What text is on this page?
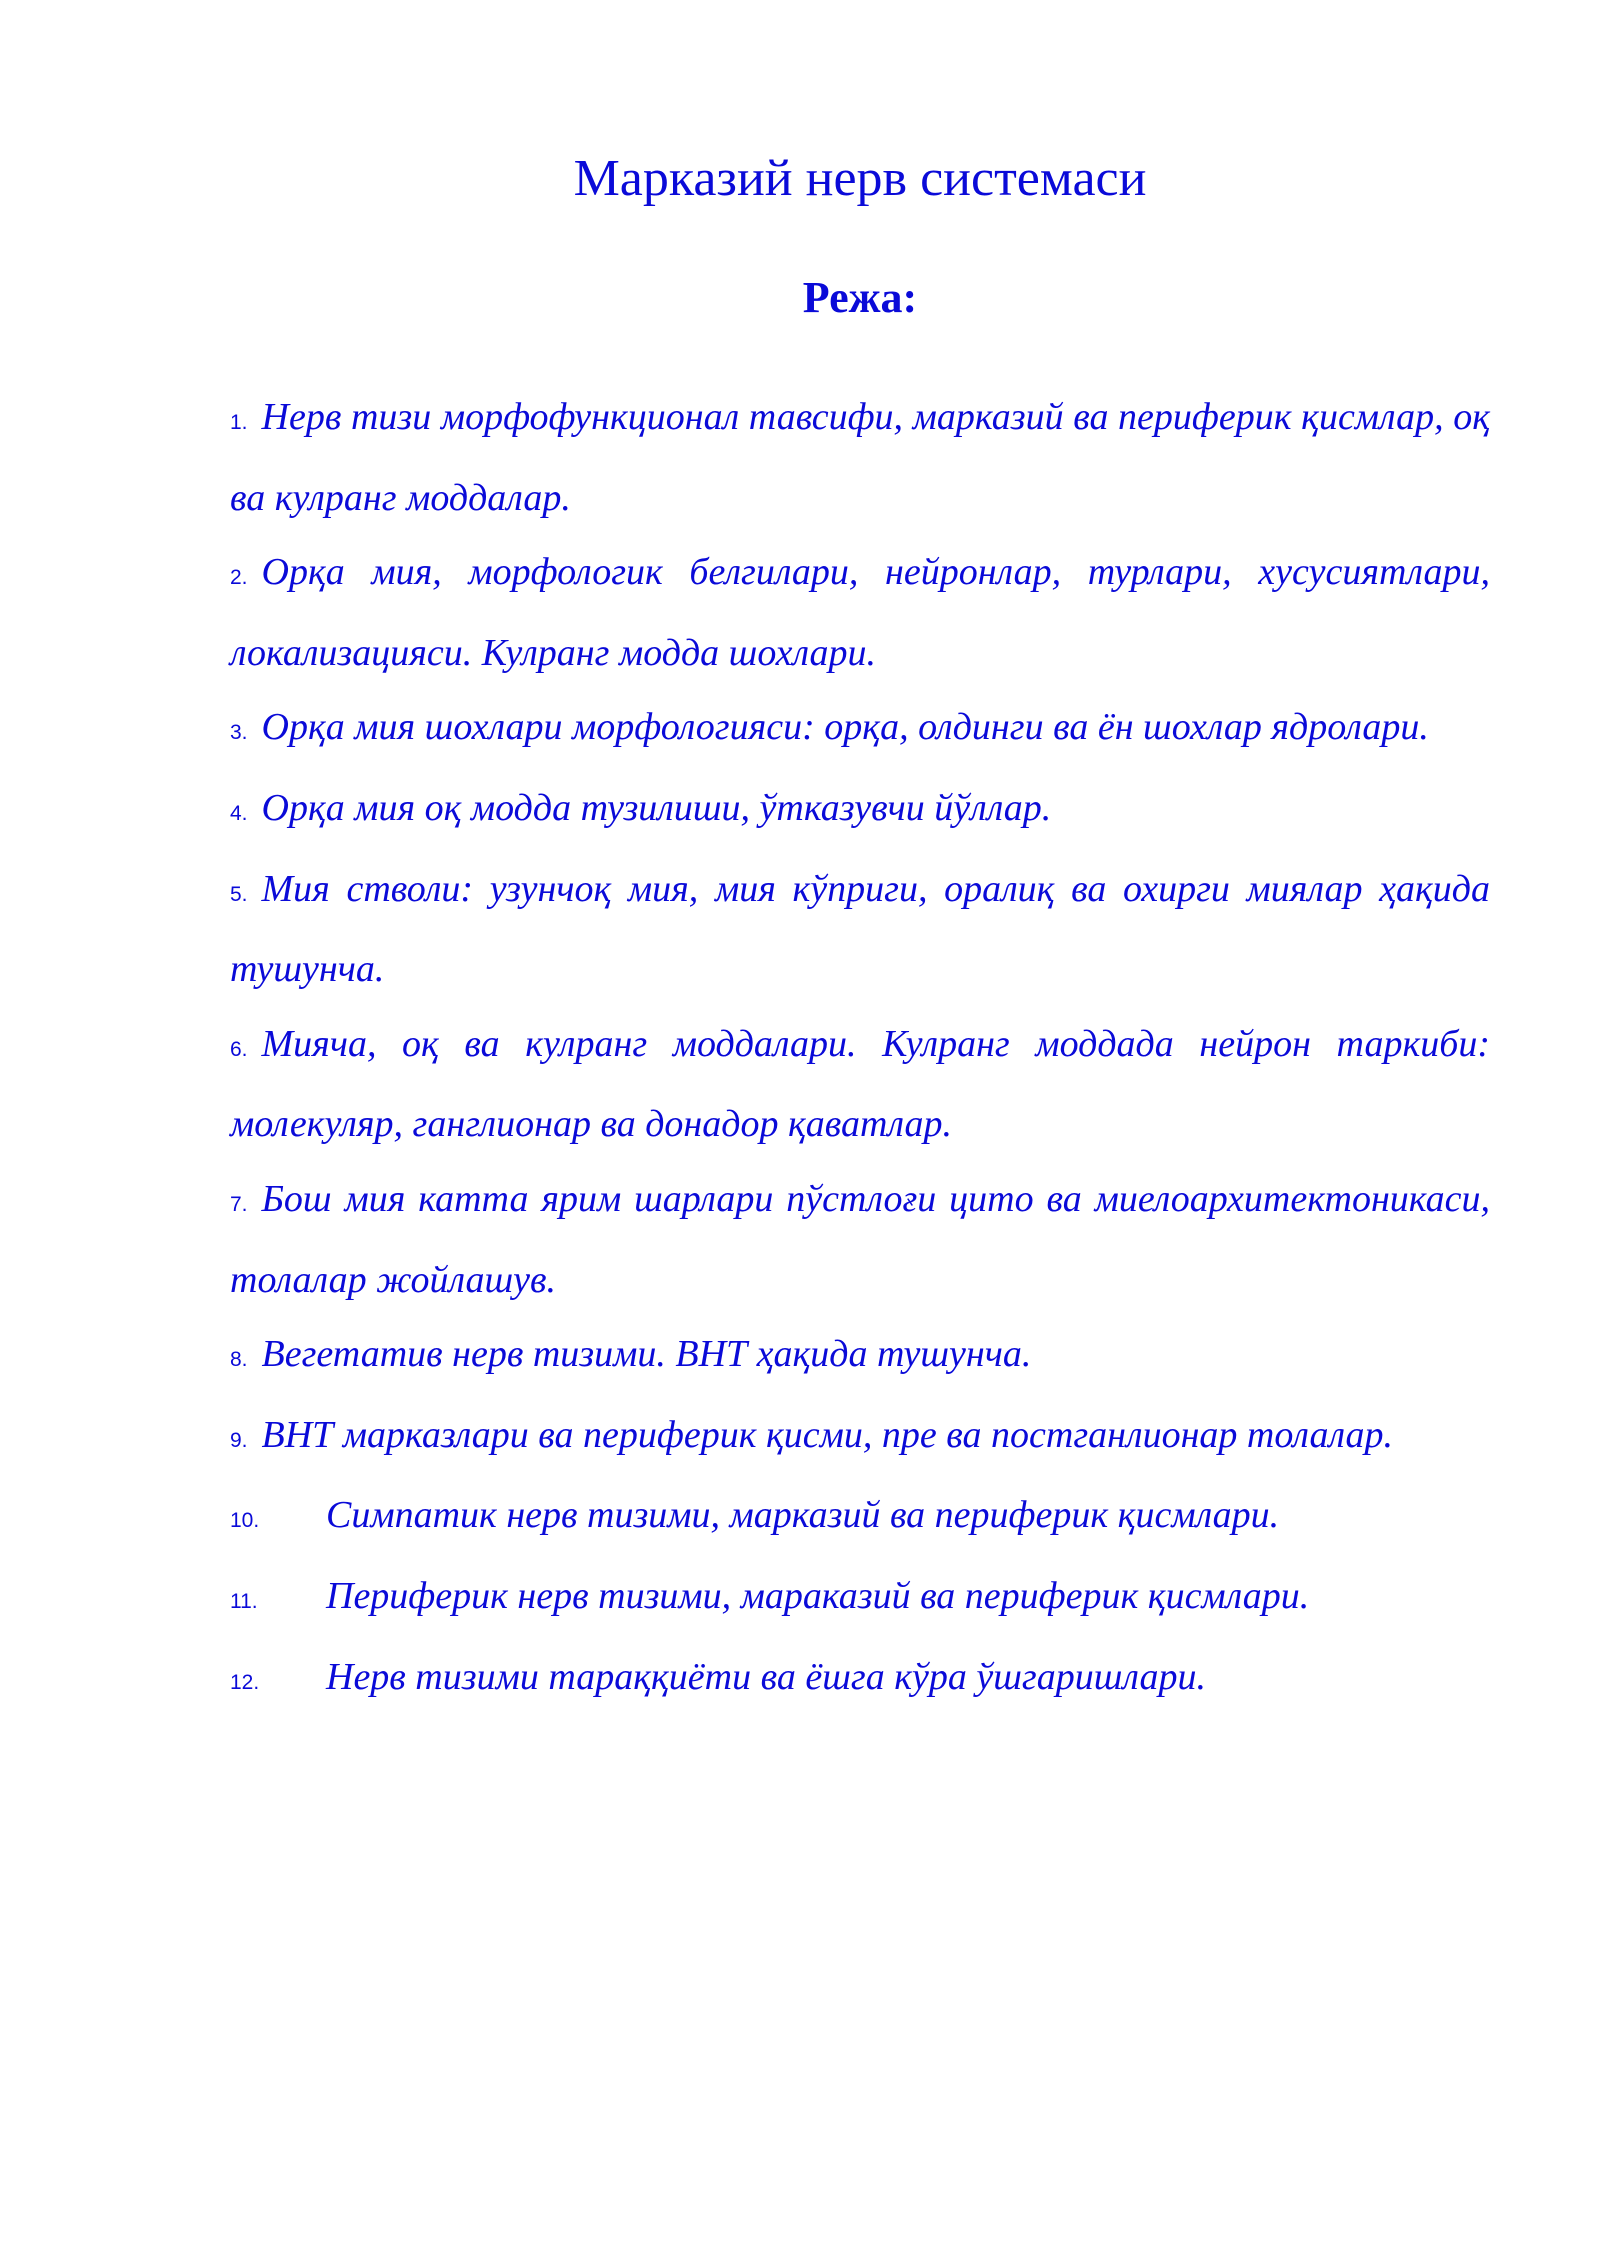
Марказий нерв системаси
Режа:
1. Нерв тизи морфофункционал тавсифи, марказий ва периферик қисмлар, оқ ва кулранг моддалар.
2. Орқа мия, морфологик белгилари, нейронлар, турлари, хусусиятлари, локализацияси. Кулранг модда шохлари.
3. Орқа мия шохлари морфологияси: орқа, олдинги ва ён шохлар ядролари.
4. Орқа мия оқ модда тузилиши, ўтказувчи йўллар.
5. Мия стволи: узунчоқ мия, мия кўприги, оралиқ ва охирги миялар ҳақида тушунча.
6. Мияча, оқ ва кулранг моддалари. Кулранг моддада нейрон таркиби: молекуляр, ганглионар ва донадор қаватлар.
7. Бош мия катта ярим шарлари пўстлоғи цито ва миелоархитектоникаси, толалар жойлашув.
8. Вегетатив нерв тизими. ВНТ ҳақида тушунча.
9. ВНТ марказлари ва периферик қисми, пре ва постганлионар толалар.
10. Симпатик нерв тизими, марказий ва периферик қисмлари.
11. Периферик нерв тизими, мараказий ва периферик қисмлари.
12. Нерв тизими тараққиёти ва ёшга кўра ўшгаришлари.
